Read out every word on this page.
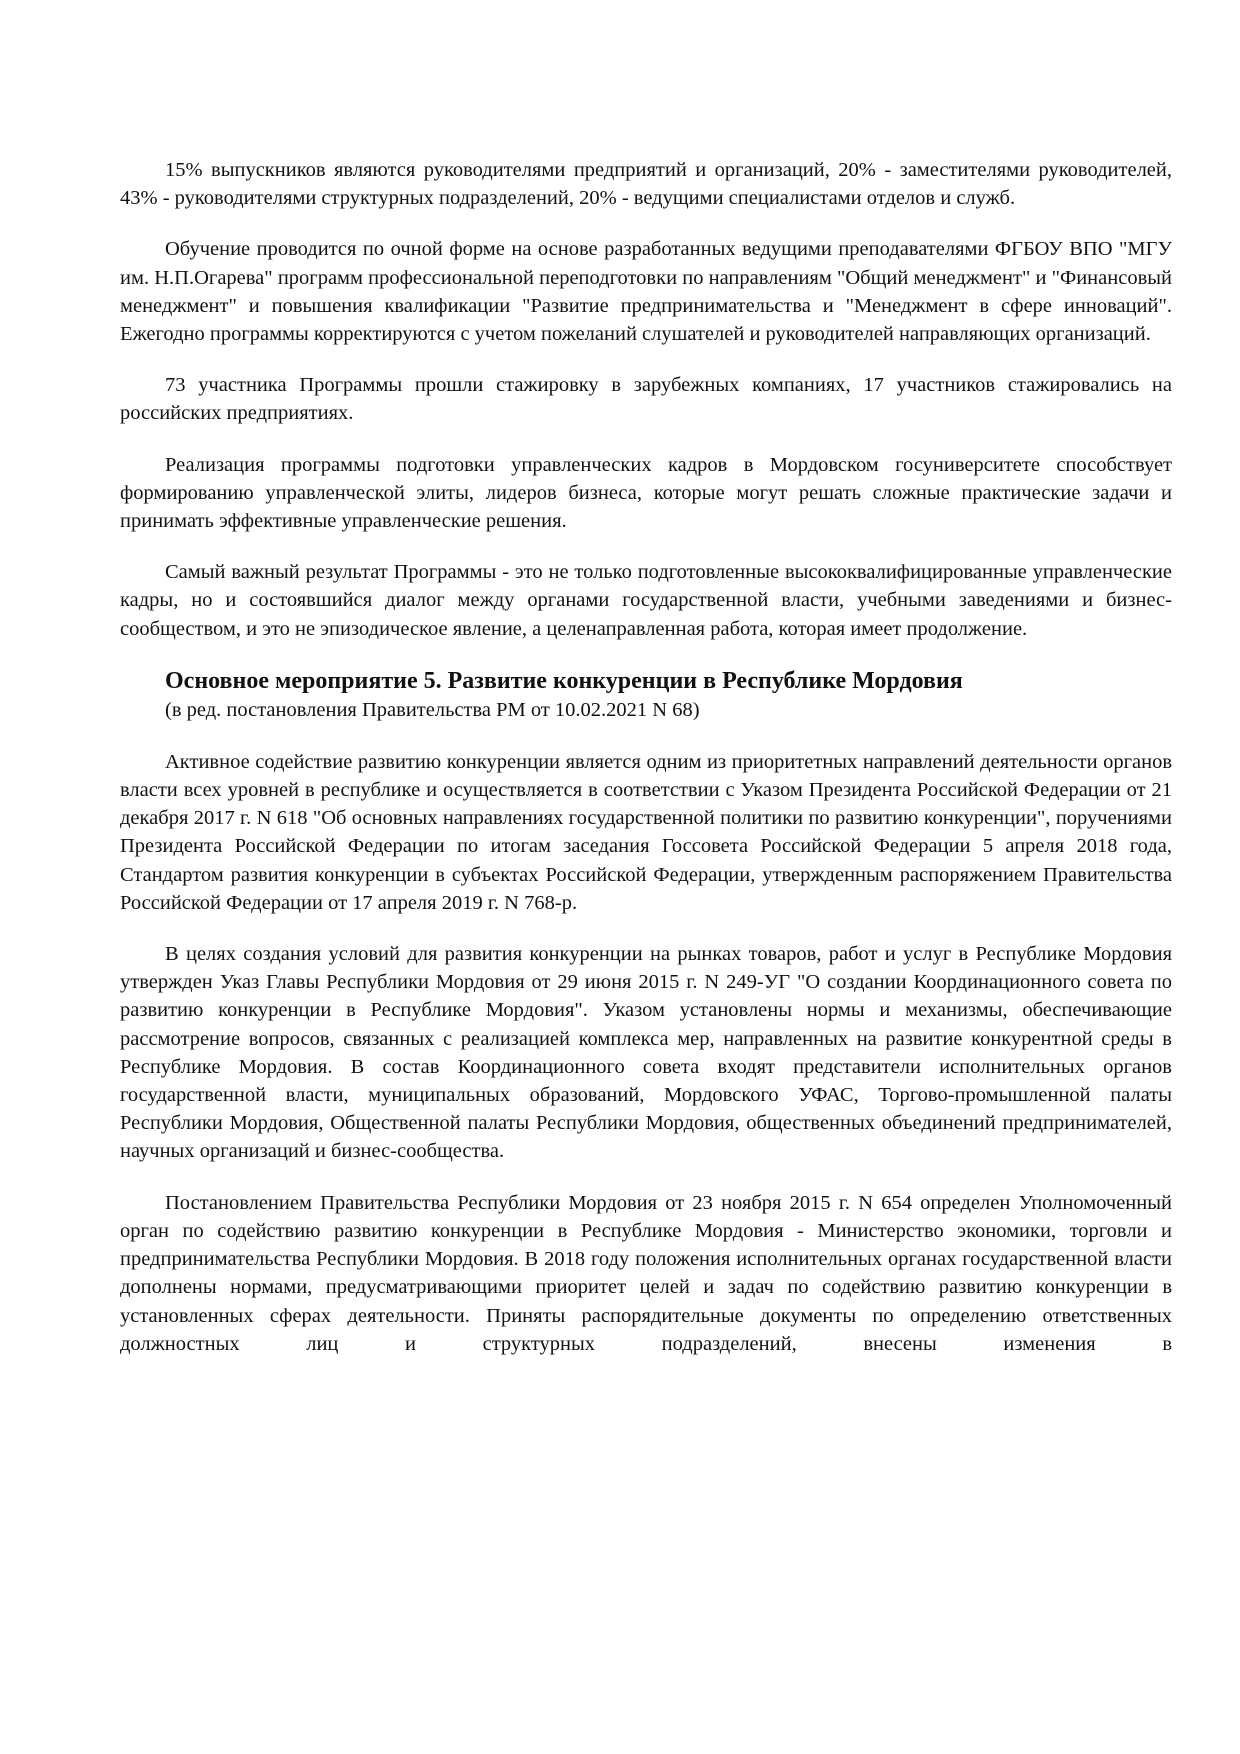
15% выпускников являются руководителями предприятий и организаций, 20% - заместителями руководителей, 43% - руководителями структурных подразделений, 20% - ведущими специалистами отделов и служб.

Обучение проводится по очной форме на основе разработанных ведущими преподавателями ФГБОУ ВПО "МГУ им. Н.П.Огарева" программ профессиональной переподготовки по направлениям "Общий менеджмент" и "Финансовый менеджмент" и повышения квалификации "Развитие предпринимательства и "Менеджмент в сфере инноваций". Ежегодно программы корректируются с учетом пожеланий слушателей и руководителей направляющих организаций.

73 участника Программы прошли стажировку в зарубежных компаниях, 17 участников стажировались на российских предприятиях.

Реализация программы подготовки управленческих кадров в Мордовском госуниверситете способствует формированию управленческой элиты, лидеров бизнеса, которые могут решать сложные практические задачи и принимать эффективные управленческие решения.

Самый важный результат Программы - это не только подготовленные высококвалифицированные управленческие кадры, но и состоявшийся диалог между органами государственной власти, учебными заведениями и бизнес-сообществом, и это не эпизодическое явление, а целенаправленная работа, которая имеет продолжение.

Основное мероприятие 5. Развитие конкуренции в Республике Мордовия
(в ред. постановления Правительства РМ от 10.02.2021 N 68)

Активное содействие развитию конкуренции является одним из приоритетных направлений деятельности органов власти всех уровней в республике и осуществляется в соответствии с Указом Президента Российской Федерации от 21 декабря 2017 г. N 618 "Об основных направлениях государственной политики по развитию конкуренции", поручениями Президента Российской Федерации по итогам заседания Госсовета Российской Федерации 5 апреля 2018 года, Стандартом развития конкуренции в субъектах Российской Федерации, утвержденным распоряжением Правительства Российской Федерации от 17 апреля 2019 г. N 768-р.

В целях создания условий для развития конкуренции на рынках товаров, работ и услуг в Республике Мордовия утвержден Указ Главы Республики Мордовия от 29 июня 2015 г. N 249-УГ "О создании Координационного совета по развитию конкуренции в Республике Мордовия". Указом установлены нормы и механизмы, обеспечивающие рассмотрение вопросов, связанных с реализацией комплекса мер, направленных на развитие конкурентной среды в Республике Мордовия. В состав Координационного совета входят представители исполнительных органов государственной власти, муниципальных образований, Мордовского УФАС, Торгово-промышленной палаты Республики Мордовия, Общественной палаты Республики Мордовия, общественных объединений предпринимателей, научных организаций и бизнес-сообщества.

Постановлением Правительства Республики Мордовия от 23 ноября 2015 г. N 654 определен Уполномоченный орган по содействию развитию конкуренции в Республике Мордовия - Министерство экономики, торговли и предпринимательства Республики Мордовия. В 2018 году положения исполнительных органах государственной власти дополнены нормами, предусматривающими приоритет целей и задач по содействию развитию конкуренции в установленных сферах деятельности. Приняты распорядительные документы по определению ответственных должностных лиц и структурных подразделений, внесены изменения в
